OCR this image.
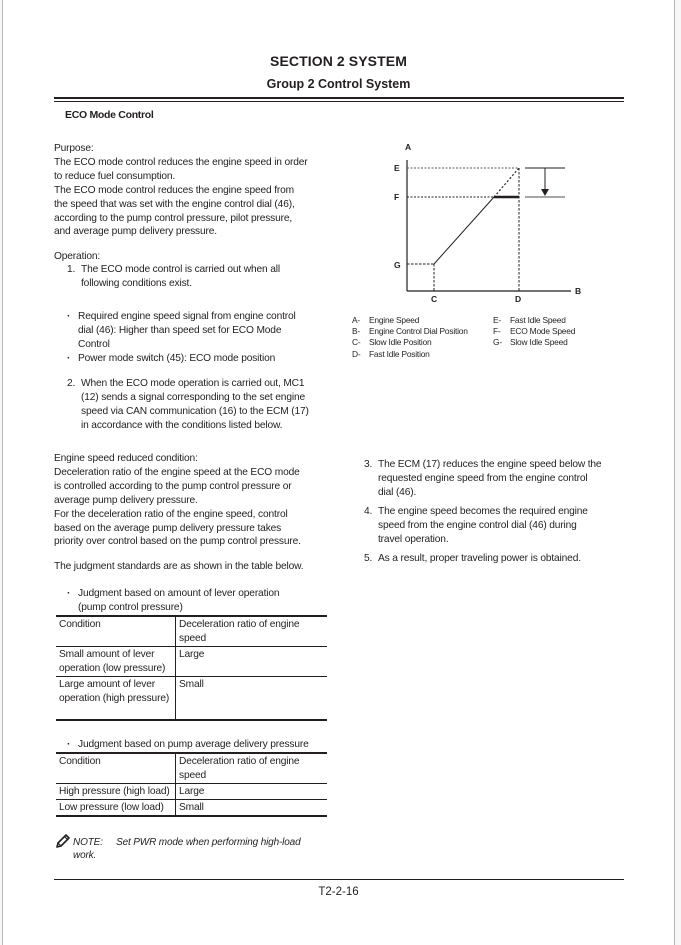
SECTION 2 SYSTEM
Group 2 Control System
ECO Mode Control
Purpose:
The ECO mode control reduces the engine speed in order
to reduce fuel consumption.
The ECO mode control reduces the engine speed from
the speed that was set with the engine control dial (46),
according to the pump control pressure, pilot pressure,
and average pump delivery pressure.
Operation:
1. The ECO mode control is carried out when all
following conditions exist.
· Required engine speed signal from engine control
dial (46): Higher than speed set for ECO Mode
Control
· Power mode switch (45): ECO mode position
2. When the ECO mode operation is carried out, MC1
(12) sends a signal corresponding to the set engine
speed via CAN communication (16) to the ECM (17)
in accordance with the conditions listed below.
Engine speed reduced condition:
Deceleration ratio of the engine speed at the ECO mode
is controlled according to the pump control pressure or
average pump delivery pressure.
For the deceleration ratio of the engine speed, control
based on the average pump delivery pressure takes
priority over control based on the pump control pressure.
The judgment standards are as shown in the table below.
· Judgment based on amount of lever operation
(pump control pressure)
Condition	Deceleration ratio of engine speed
Small amount of lever operation (low pressure)	Large
Large amount of lever operation (high pressure)	Small
· Judgment based on pump average delivery pressure
Condition	Deceleration ratio of engine speed
High pressure (high load)	Large
Low pressure (low load)	Small
NOTE: Set PWR mode when performing high-load
work.
A
E
F
G
C	D
B
A- Engine Speed
B- Engine Control Dial Position
C- Slow Idle Position
D- Fast Idle Position
E- Fast Idle Speed
F- ECO Mode Speed
G- Slow Idle Speed
3. The ECM (17) reduces the engine speed below the
requested engine speed from the engine control
dial (46).
4. The engine speed becomes the required engine
speed from the engine control dial (46) during
travel operation.
5. As a result, proper traveling power is obtained.
T2-2-16
